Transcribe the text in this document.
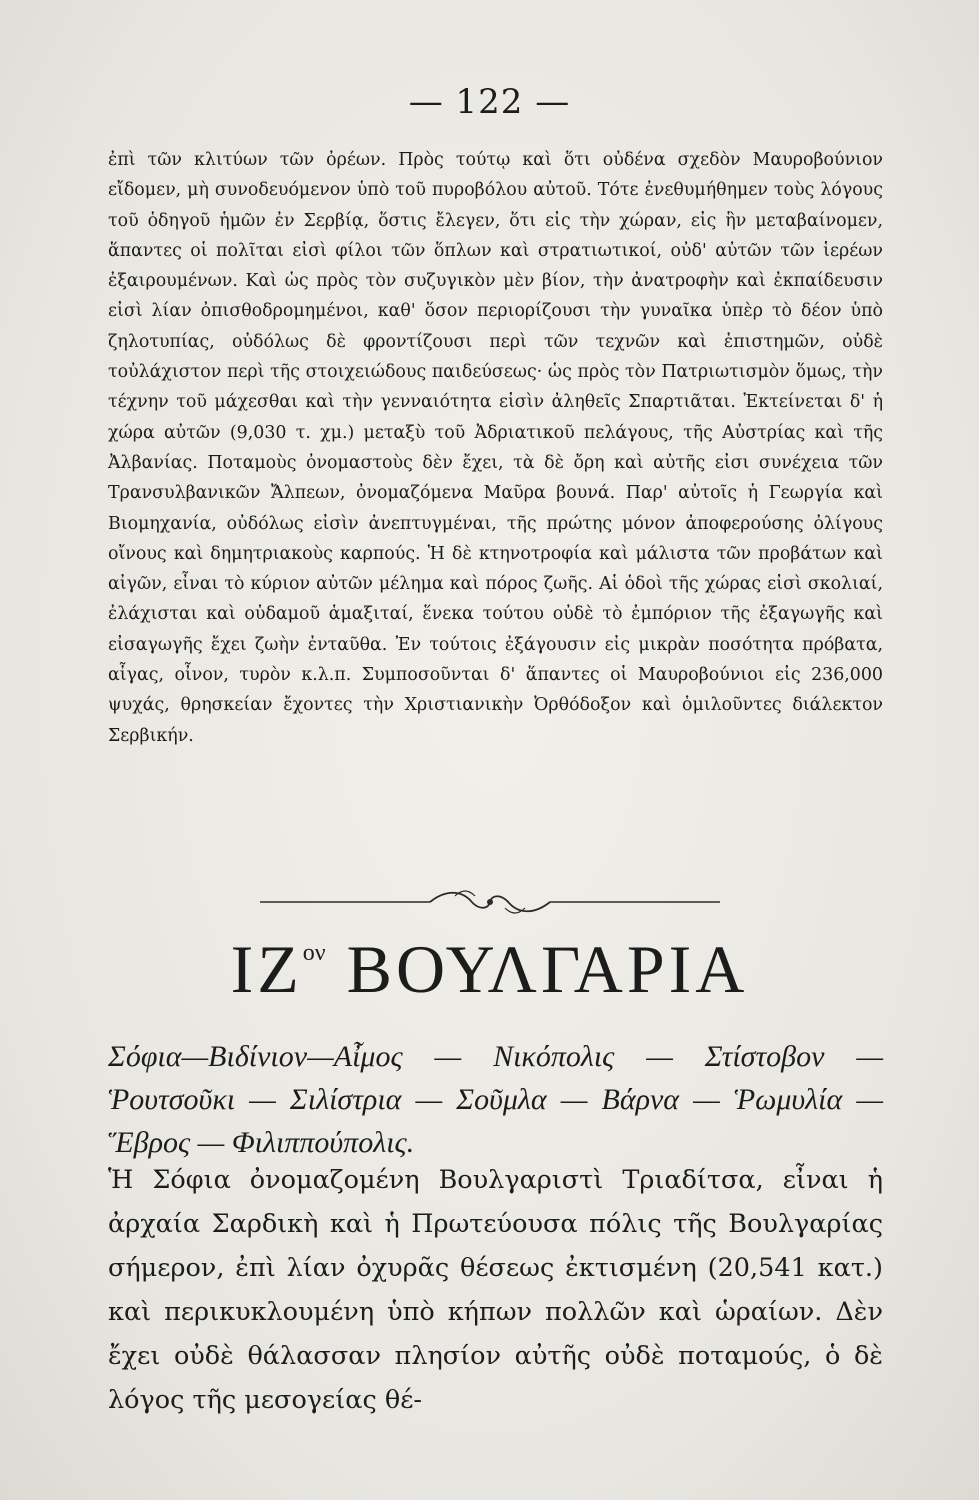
— 122 —
ἐπὶ τῶν κλιτύων τῶν ὀρέων. Πρὸς τούτῳ καὶ ὅτι οὐδένα σχεδὸν Μαυροβούνιον εἴδομεν, μὴ συνοδευόμενον ὑπὸ τοῦ πυροβόλου αὐτοῦ. Τότε ἐνεθυμήθημεν τοὺς λόγους τοῦ ὁδηγοῦ ἡμῶν ἐν Σερβίᾳ, ὅστις ἔλεγεν, ὅτι εἰς τὴν χώραν, εἰς ἣν μεταβαίνομεν, ἅπαντες οἱ πολῖται εἰσὶ φίλοι τῶν ὅπλων καὶ στρατιωτικοί, οὐδ' αὐτῶν τῶν ἱερέων ἐξαιρουμένων. Καὶ ὡς πρὸς τὸν συζυγικὸν μὲν βίον, τὴν ἀνατροφὴν καὶ ἐκπαίδευσιν εἰσὶ λίαν ὀπισθοδρομημένοι, καθ' ὅσον περιορίζουσι τὴν γυναῖκα ὑπὲρ τὸ δέον ὑπὸ ζηλοτυπίας, οὐδόλως δὲ φροντίζουσι περὶ τῶν τεχνῶν καὶ ἐπιστημῶν, οὐδὲ τοὐλάχιστον περὶ τῆς στοιχειώδους παιδεύσεως· ὡς πρὸς τὸν Πατριωτισμὸν ὅμως, τὴν τέχνην τοῦ μάχεσθαι καὶ τὴν γενναιότητα εἰσὶν ἀληθεῖς Σπαρτιᾶται. Ἐκτείνεται δ' ἡ χώρα αὐτῶν (9,030 τ. χμ.) μεταξὺ τοῦ Ἀδριατικοῦ πελάγους, τῆς Αὐστρίας καὶ τῆς Ἀλβανίας. Ποταμοὺς ὀνομαστοὺς δὲν ἔχει, τὰ δὲ ὄρη καὶ αὐτῆς εἰσι συνέχεια τῶν Τρανσυλβανικῶν Ἄλπεων, ὀνομαζόμενα Μαῦρα βουνά. Παρ' αὐτοῖς ἡ Γεωργία καὶ Βιομηχανία, οὐδόλως εἰσὶν ἀνεπτυγμέναι, τῆς πρώτης μόνον ἀποφερούσης ὀλίγους οἴνους καὶ δημητριακοὺς καρπούς. Ἡ δὲ κτηνοτροφία καὶ μάλιστα τῶν προβάτων καὶ αἰγῶν, εἶναι τὸ κύριον αὐτῶν μέλημα καὶ πόρος ζωῆς. Αἱ ὁδοὶ τῆς χώρας εἰσὶ σκολιαί, ἐλάχισται καὶ οὐδαμοῦ ἁμαξιταί, ἕνεκα τούτου οὐδὲ τὸ ἐμπόριον τῆς ἐξαγωγῆς καὶ εἰσαγωγῆς ἔχει ζωὴν ἐνταῦθα. Ἐν τούτοις ἐξάγουσιν εἰς μικρὰν ποσότητα πρόβατα, αἶγας, οἶνον, τυρὸν κ.λ.π. Συμποσοῦνται δ' ἅπαντες οἱ Μαυροβούνιοι εἰς 236,000 ψυχάς, θρησκείαν ἔχοντες τὴν Χριστιανικὴν Ὀρθόδοξον καὶ ὁμιλοῦντες διάλεκτον Σερβικήν.
$IZ^{o\nu}$ ΒΟΥΛΓΑΡΙΑ
Σόφια—Βιδίνιον—Αἶμος — Νικόπολις — Στίστοβον — Ῥουτσοῦκι — Σιλίστρια — Σοῦμλα — Βάρνα — Ῥωμυλία — Ἕβρος — Φιλιππούπολις.
Ἡ Σόφια ὀνομαζομένη Βουλγαριστὶ Τριαδίτσα, εἶναι ἡ ἀρχαία Σαρδικὴ καὶ ἡ Πρωτεύουσα πόλις τῆς Βουλγαρίας σήμερον, ἐπὶ λίαν ὀχυρᾶς θέσεως ἐκτισμένη (20,541 κατ.) καὶ περικυκλουμένη ὑπὸ κήπων πολλῶν καὶ ὡραίων. Δὲν ἔχει οὐδὲ θάλασσαν πλησίον αὐτῆς οὐδὲ ποταμούς, ὁ δὲ λόγος τῆς μεσογείας θέ-
